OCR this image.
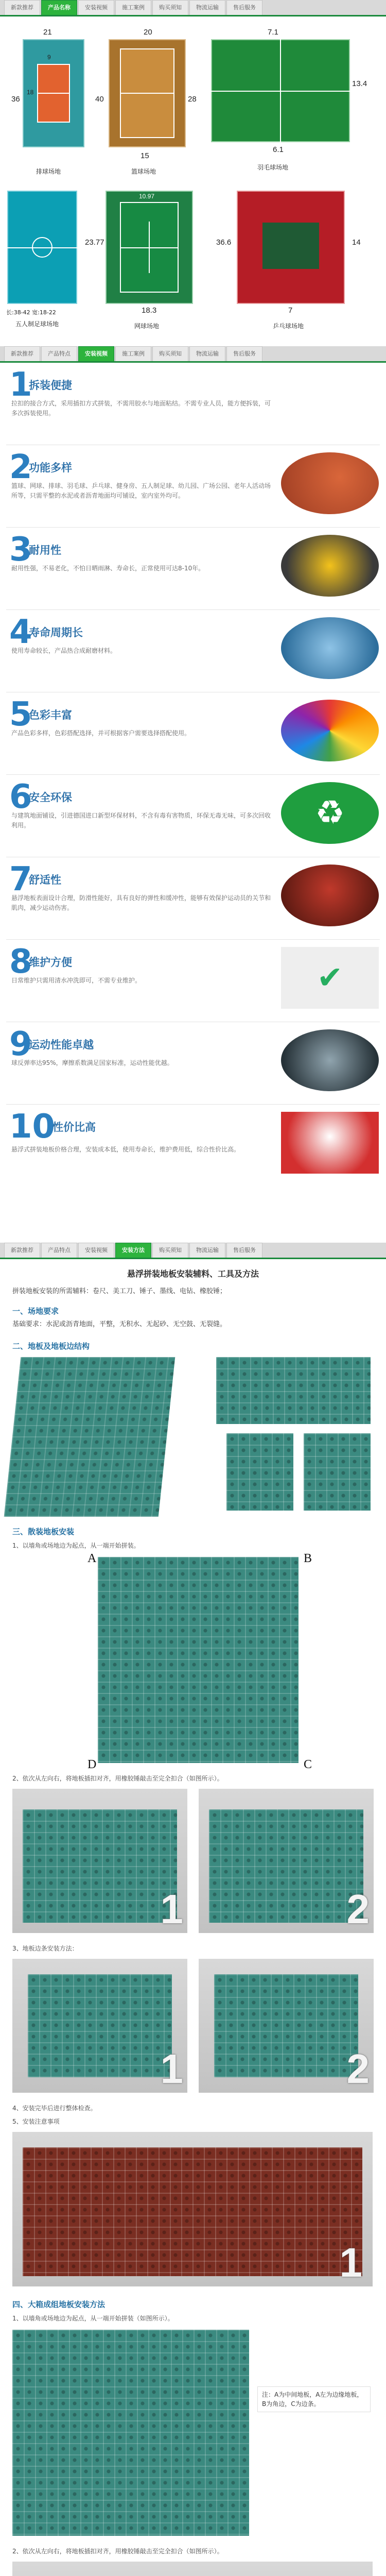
新款推荐	产品名称	安装视频	施工案例	购买须知	物流运输	售后服务
21
36
9
18
排球场地
20
40
15
28
篮球场地
7.1
13.4
6.1
羽毛球场地
长:38-42 宽:18-22
五人制足球场地
23.77
10.97
18.3
网球场地
36.6	14
7
乒乓球场地
新款推荐	产品特点	安装视频	施工案例	购买须知	物流运输	售后服务
1
拆装便捷
拉扣的接合方式，采用插扣方式拼装，不需用胶水与地面粘结。不需专业人员，能方便拆装，可多次拆装使用。
2
功能多样
篮球、网球、排球、羽毛球、乒乓球、健身房、五人制足球、幼儿园、广场公园、老年人活动场所等，只需平整的水泥或者沥青地面均可铺设，室内室外均可。
3
耐用性
耐用性强，不易老化，不怕日晒雨淋、寿命长，正常使用可达8-10年。
4
寿命周期长
使用寿命较长，产品热合成耐磨材料。
5
色彩丰富
产品色彩多样，色彩搭配选择，并可根据客户需要选择搭配使用。
6
安全环保
与建筑地面铺设，引进德国进口新型环保材料，不含有毒有害物质，环保无毒无味，可多次回收利用。	♻
7
舒适性
悬浮地板表面设计合理，防滑性能好，具有良好的弹性和缓冲性，能够有效保护运动员的关节和肌肉，减少运动伤害。
8
维护方便
日常维护只需用清水冲洗即可，不需专业维护。	✔
9
运动性能卓越
球反弹率达95%，摩擦系数满足国家标准，运动性能优越。
10
性价比高
悬浮式拼装地板价格合理，安装成本低，使用寿命长，维护费用低，综合性价比高。
新款推荐	产品特点	安装视频	安装方法	购买须知	物流运输	售后服务
悬浮拼装地板安装辅料、工具及方法
拼装地板安装的所需辅料：卷尺、美工刀、锤子、墨线、电钻、橡胶锤；
一、场地要求
基础要求：水泥或沥青地面，平整，无积水、无起砂、无空鼓、无裂缝。
二、地板及地板边结构
三、散装地板安装
1、以墙角或场地边为起点，从一端开始拼装。
A	B
D	C
2、依次从左向右，将地板插扣对齐，用橡胶锤敲击至完全扣合（如图所示）。
1	2
3、地板边条安装方法：
1	2
4、安装完毕后进行整体检查。
5、安装注意事项
1
四、大箱成组地板安装方法
1、以墙角或场地边为起点，从一端开始拼装（如图所示）。
注：A为中间地板，A左为边缘地板，B为角边，C为边条。
2、依次从左向右，将地板插扣对齐，用橡胶锤敲击至完全扣合（如图所示）。
